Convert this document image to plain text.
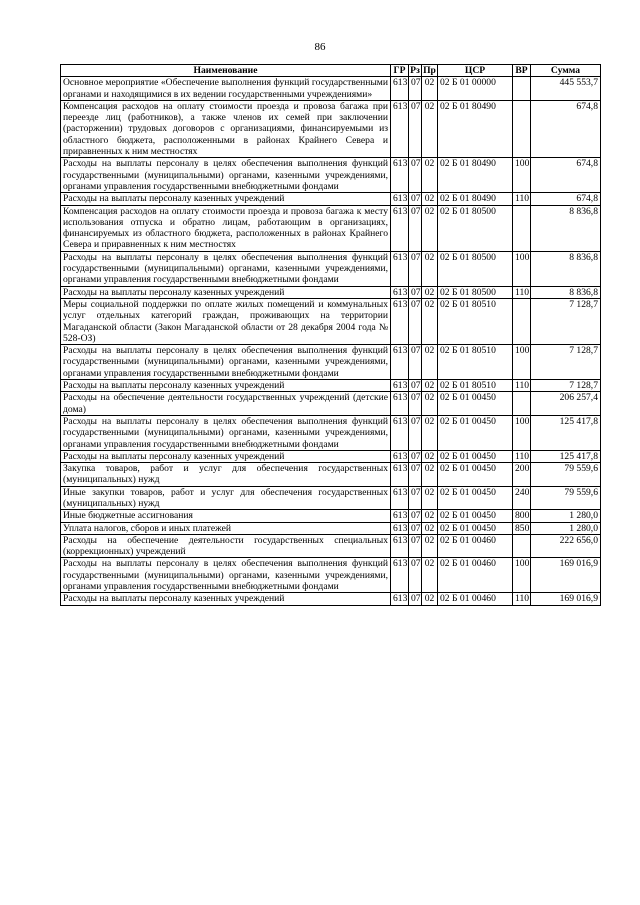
86
Наименование	ГР	Рз	Пр	ЦСР	ВР	Сумма
Основное мероприятие «Обеспечение выполнения функций государственными органами и находящимися в их ведении государственными учреждениями»	613	07	02	02 Б 01 00000		445 553,7
Компенсация расходов на оплату стоимости проезда и провоза багажа при переезде лиц (работников), а также членов их семей при заключении (расторжении) трудовых договоров с организациями, финансируемыми из областного бюджета, расположенными в районах Крайнего Севера и приравненных к ним местностях	613	07	02	02 Б 01 80490		674,8
Расходы на выплаты персоналу в целях обеспечения выполнения функций государственными (муниципальными) органами, казенными учреждениями, органами управления государственными внебюджетными фондами	613	07	02	02 Б 01 80490	100	674,8
Расходы на выплаты персоналу казенных учреждений	613	07	02	02 Б 01 80490	110	674,8
Компенсация расходов на оплату стоимости проезда и провоза багажа к месту использования отпуска и обратно лицам, работающим в организациях, финансируемых из областного бюджета, расположенных в районах Крайнего Севера и приравненных к ним местностях	613	07	02	02 Б 01 80500		8 836,8
Расходы на выплаты персоналу в целях обеспечения выполнения функций государственными (муниципальными) органами, казенными учреждениями, органами управления государственными внебюджетными фондами	613	07	02	02 Б 01 80500	100	8 836,8
Расходы на выплаты персоналу казенных учреждений	613	07	02	02 Б 01 80500	110	8 836,8
Меры социальной поддержки по оплате жилых помещений и коммунальных услуг отдельных категорий граждан, проживающих на территории Магаданской области (Закон Магаданской области от 28 декабря 2004 года № 528-ОЗ)	613	07	02	02 Б 01 80510		7 128,7
Расходы на выплаты персоналу в целях обеспечения выполнения функций государственными (муниципальными) органами, казенными учреждениями, органами управления государственными внебюджетными фондами	613	07	02	02 Б 01 80510	100	7 128,7
Расходы на выплаты персоналу казенных учреждений	613	07	02	02 Б 01 80510	110	7 128,7
Расходы на обеспечение деятельности государственных учреждений (детские дома)	613	07	02	02 Б 01 00450		206 257,4
Расходы на выплаты персоналу в целях обеспечения выполнения функций государственными (муниципальными) органами, казенными учреждениями, органами управления государственными внебюджетными фондами	613	07	02	02 Б 01 00450	100	125 417,8
Расходы на выплаты персоналу казенных учреждений	613	07	02	02 Б 01 00450	110	125 417,8
Закупка товаров, работ и услуг для обеспечения государственных (муниципальных) нужд	613	07	02	02 Б 01 00450	200	79 559,6
Иные закупки товаров, работ и услуг для обеспечения государственных (муниципальных) нужд	613	07	02	02 Б 01 00450	240	79 559,6
Иные бюджетные ассигнования	613	07	02	02 Б 01 00450	800	1 280,0
Уплата налогов, сборов и иных платежей	613	07	02	02 Б 01 00450	850	1 280,0
Расходы на обеспечение деятельности государственных специальных (коррекционных) учреждений	613	07	02	02 Б 01 00460		222 656,0
Расходы на выплаты персоналу в целях обеспечения выполнения функций государственными (муниципальными) органами, казенными учреждениями, органами управления государственными внебюджетными фондами	613	07	02	02 Б 01 00460	100	169 016,9
Расходы на выплаты персоналу казенных учреждений	613	07	02	02 Б 01 00460	110	169 016,9
